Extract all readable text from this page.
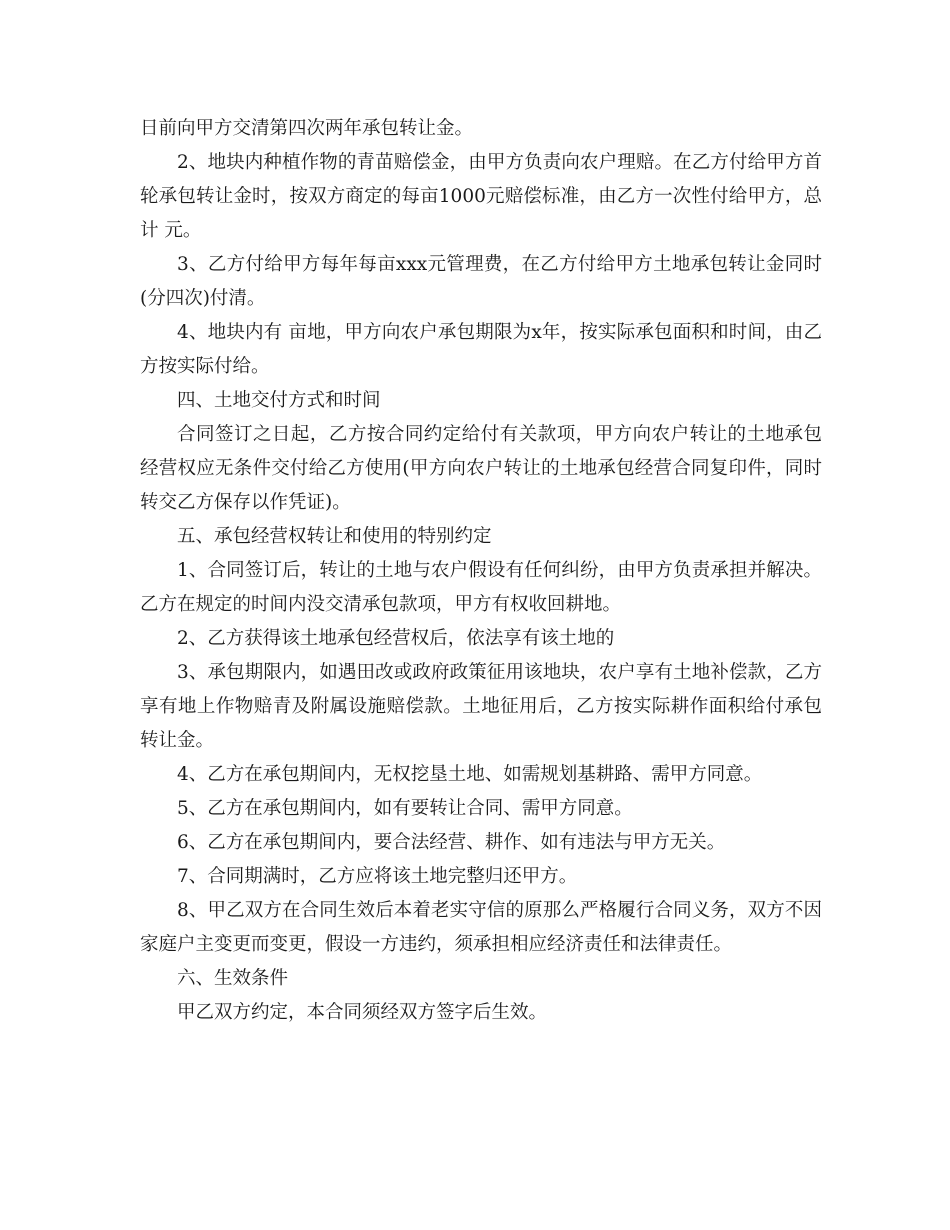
日前向甲方交清第四次两年承包转让金。

2、地块内种植作物的青苗赔偿金，由甲方负责向农户理赔。在乙方付给甲方首轮承包转让金时，按双方商定的每亩1000元赔偿标准，由乙方一次性付给甲方，总计 元。

3、乙方付给甲方每年每亩xxx元管理费，在乙方付给甲方土地承包转让金同时(分四次)付清。

4、地块内有 亩地，甲方向农户承包期限为x年，按实际承包面积和时间，由乙方按实际付给。

四、土地交付方式和时间

合同签订之日起，乙方按合同约定给付有关款项，甲方向农户转让的土地承包经营权应无条件交付给乙方使用(甲方向农户转让的土地承包经营合同复印件，同时转交乙方保存以作凭证)。

五、承包经营权转让和使用的特别约定

1、合同签订后，转让的土地与农户假设有任何纠纷，由甲方负责承担并解决。乙方在规定的时间内没交清承包款项，甲方有权收回耕地。

2、乙方获得该土地承包经营权后，依法享有该土地的

3、承包期限内，如遇田改或政府政策征用该地块，农户享有土地补偿款，乙方享有地上作物赔青及附属设施赔偿款。土地征用后，乙方按实际耕作面积给付承包转让金。

4、乙方在承包期间内，无权挖垦土地、如需规划基耕路、需甲方同意。

5、乙方在承包期间内，如有要转让合同、需甲方同意。

6、乙方在承包期间内，要合法经营、耕作、如有违法与甲方无关。

7、合同期满时，乙方应将该土地完整归还甲方。

8、甲乙双方在合同生效后本着老实守信的原那么严格履行合同义务，双方不因家庭户主变更而变更，假设一方违约，须承担相应经济责任和法律责任。

六、生效条件

甲乙双方约定，本合同须经双方签字后生效。
